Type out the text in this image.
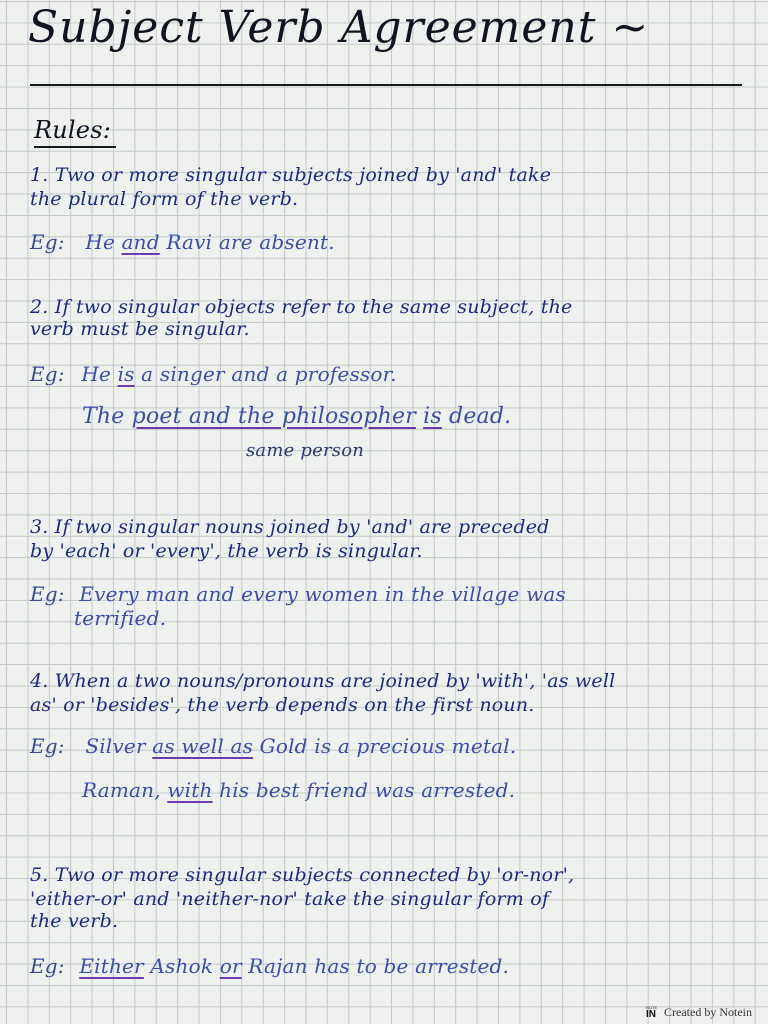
Subject Verb Agreement ~
Rules:
1. Two or more singular subjects joined by 'and' take
the plural form of the verb.
Eg: He and Ravi are absent.
2. If two singular objects refer to the same subject, the
verb must be singular.
Eg: He is a singer and a professor.
The poet and the philosopher is dead.
same person
3. If two singular nouns joined by 'and' are preceded
by 'each' or 'every', the verb is singular.
Eg: Every man and every women in the village was
terrified.
4. When a two nouns/pronouns are joined by 'with', 'as well
as' or 'besides', the verb depends on the first noun.
Eg: Silver as well as Gold is a precious metal.
Raman, with his best friend was arrested.
5. Two or more singular subjects connected by 'or-nor',
'either-or' and 'neither-nor' take the singular form of
the verb.
Eg: Either Ashok or Rajan has to be arrested.
NOTE
IN Created by Notein
